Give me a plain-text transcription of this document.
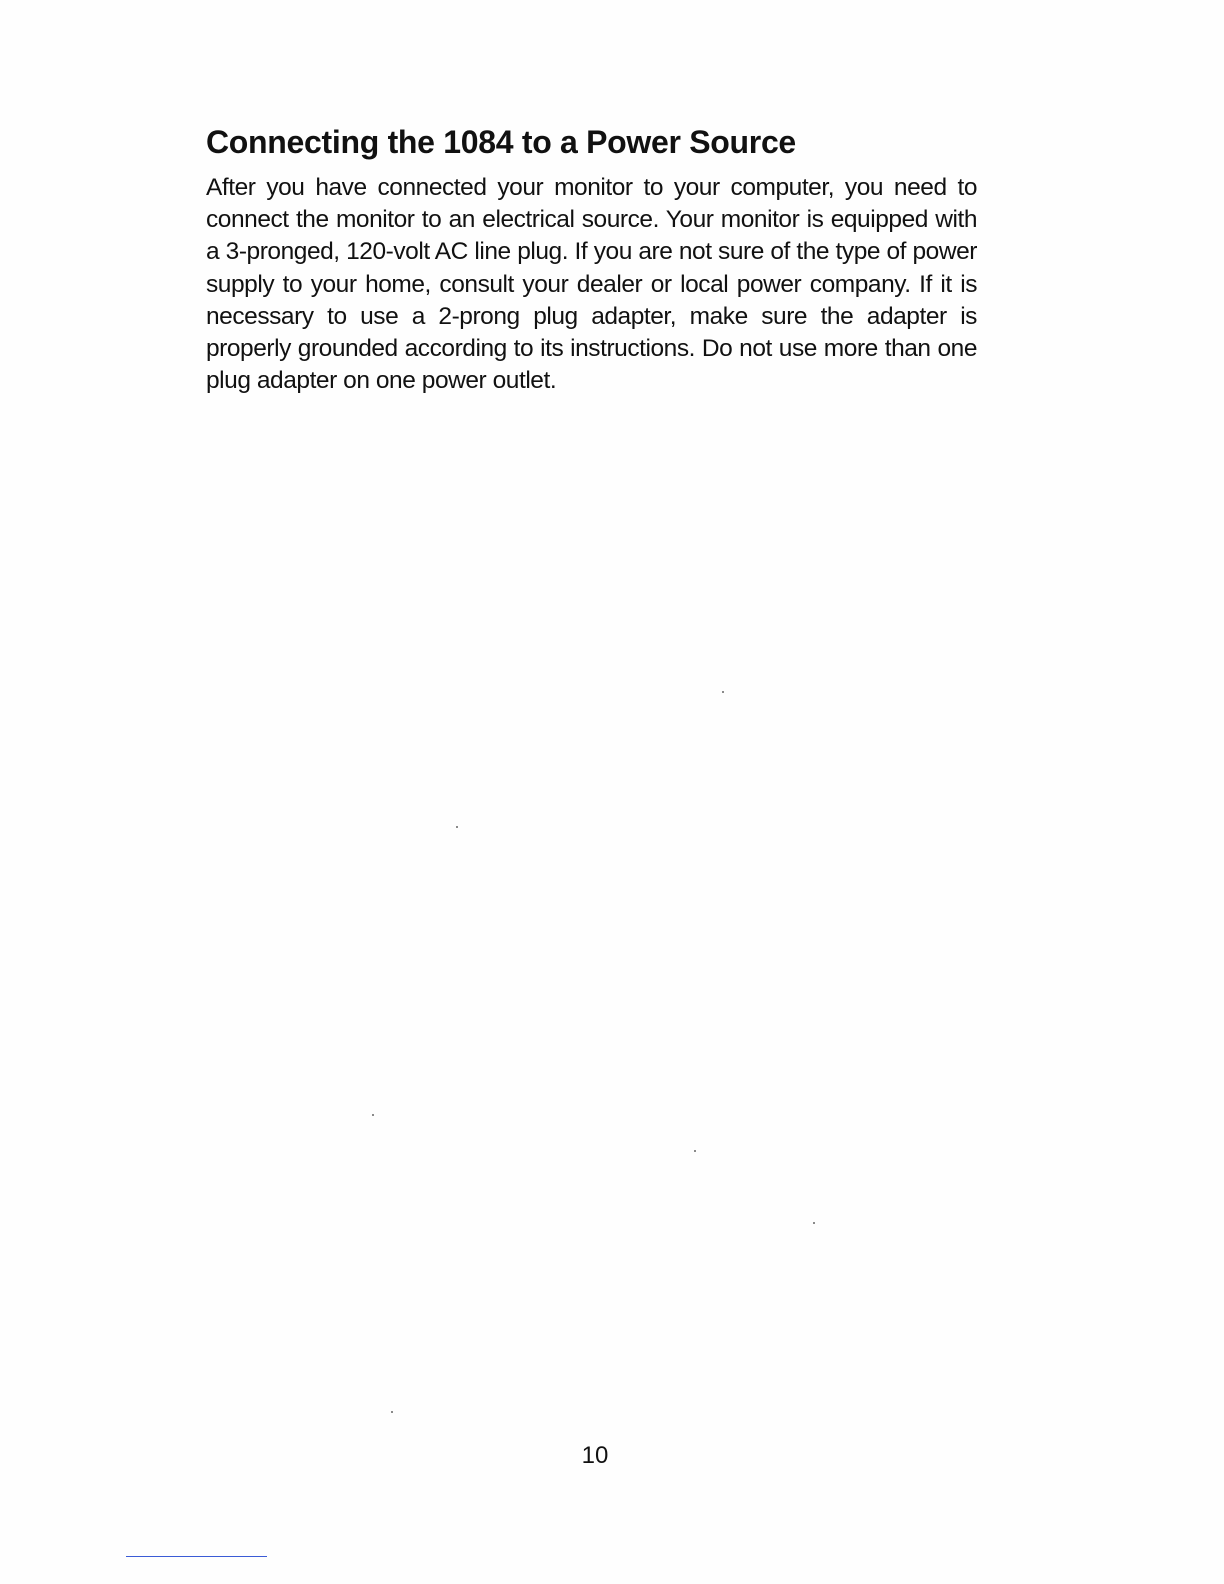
Connecting the 1084 to a Power Source

After you have connected your monitor to your computer, you need to connect the monitor to an electrical source. Your monitor is equipped with a 3-pronged, 120-volt AC line plug. If you are not sure of the type of power supply to your home, consult your dealer or local power company. If it is necessary to use a 2-prong plug adapter, make sure the adapter is properly grounded according to its instructions. Do not use more than one plug adapter on one power outlet.

10
